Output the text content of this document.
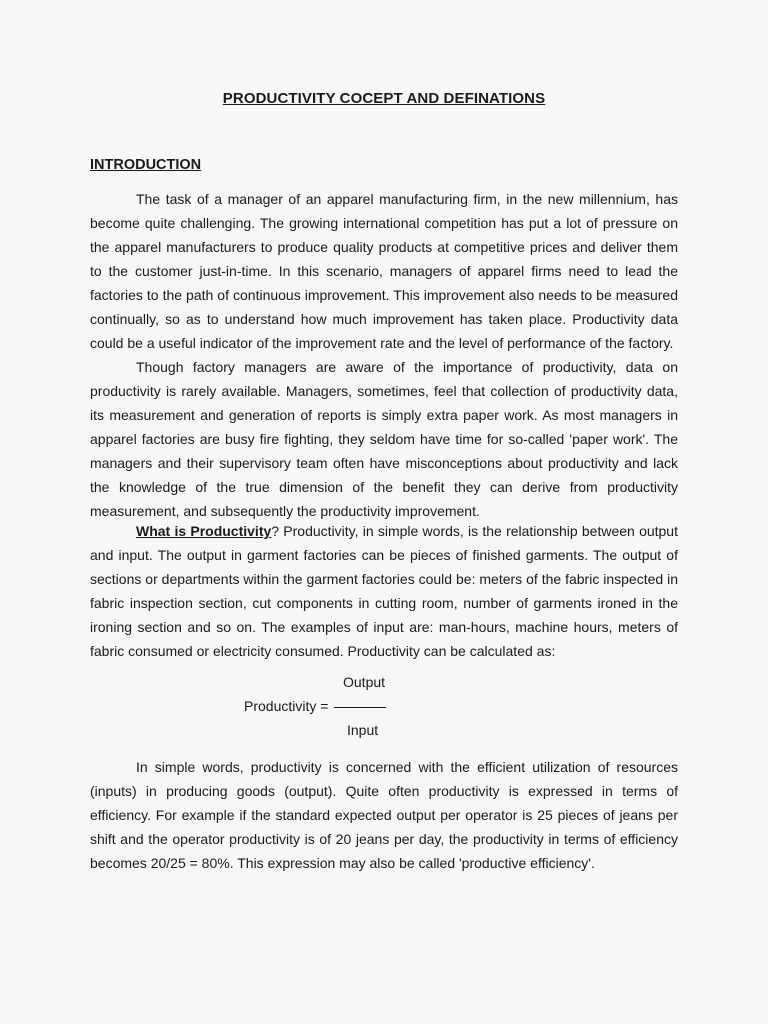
PRODUCTIVITY COCEPT AND DEFINATIONS
INTRODUCTION

The task of a manager of an apparel manufacturing firm, in the new millennium, has become quite challenging. The growing international competition has put a lot of pressure on the apparel manufacturers to produce quality products at competitive prices and deliver them to the customer just-in-time. In this scenario, managers of apparel firms need to lead the factories to the path of continuous improvement. This improvement also needs to be measured continually, so as to understand how much improvement has taken place. Productivity data could be a useful indicator of the improvement rate and the level of performance of the factory.

Though factory managers are aware of the importance of productivity, data on productivity is rarely available. Managers, sometimes, feel that collection of productivity data, its measurement and generation of reports is simply extra paper work. As most managers in apparel factories are busy fire fighting, they seldom have time for so-called 'paper work'. The managers and their supervisory team often have misconceptions about productivity and lack the knowledge of the true dimension of the benefit they can derive from productivity measurement, and subsequently the productivity improvement.

What is Productivity? Productivity, in simple words, is the relationship between output and input. The output in garment factories can be pieces of finished garments. The output of sections or departments within the garment factories could be: meters of the fabric inspected in fabric inspection section, cut components in cutting room, number of garments ironed in the ironing section and so on. The examples of input are: man-hours, machine hours, meters of fabric consumed or electricity consumed. Productivity can be calculated as:

Output
Productivity =
Input

In simple words, productivity is concerned with the efficient utilization of resources (inputs) in producing goods (output). Quite often productivity is expressed in terms of efficiency. For example if the standard expected output per operator is 25 pieces of jeans per shift and the operator productivity is of 20 jeans per day, the productivity in terms of efficiency becomes 20/25 = 80%. This expression may also be called 'productive efficiency'.
